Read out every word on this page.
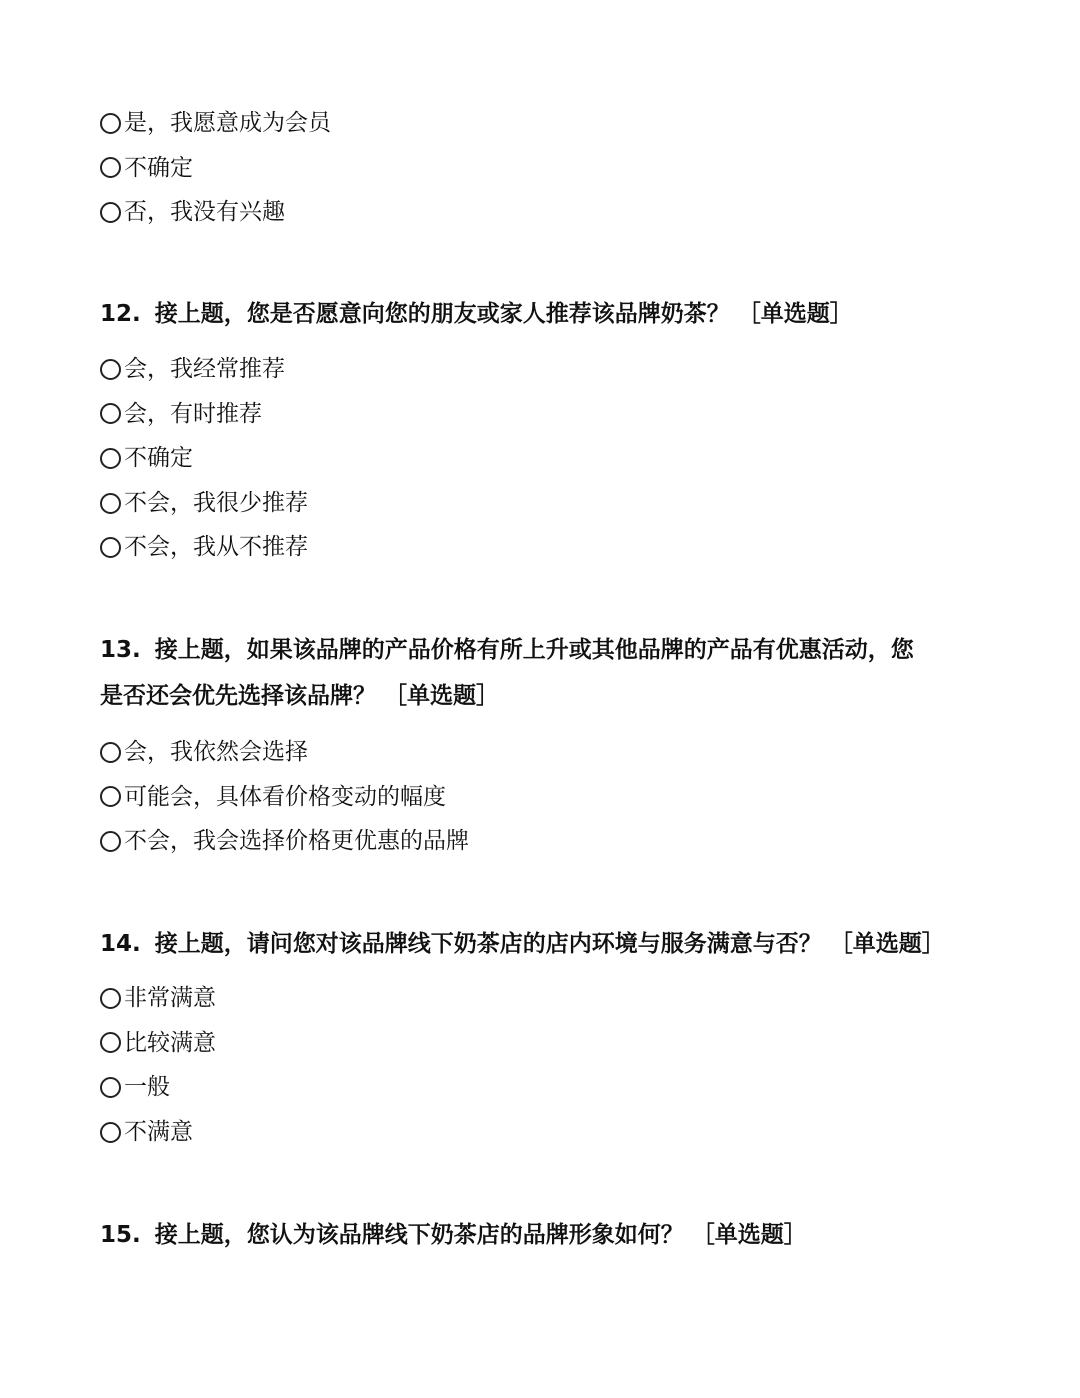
是，我愿意成为会员
不确定
否，我没有兴趣
12. 接上题，您是否愿意向您的朋友或家人推荐该品牌奶茶？ ［单选题］
会，我经常推荐
会，有时推荐
不确定
不会，我很少推荐
不会，我从不推荐
13. 接上题，如果该品牌的产品价格有所上升或其他品牌的产品有优惠活动，您
是否还会优先选择该品牌？ ［单选题］
会，我依然会选择
可能会，具体看价格变动的幅度
不会，我会选择价格更优惠的品牌
14. 接上题，请问您对该品牌线下奶茶店的店内环境与服务满意与否？ ［单选题］
非常满意
比较满意
一般
不满意
15. 接上题，您认为该品牌线下奶茶店的品牌形象如何？ ［单选题］
